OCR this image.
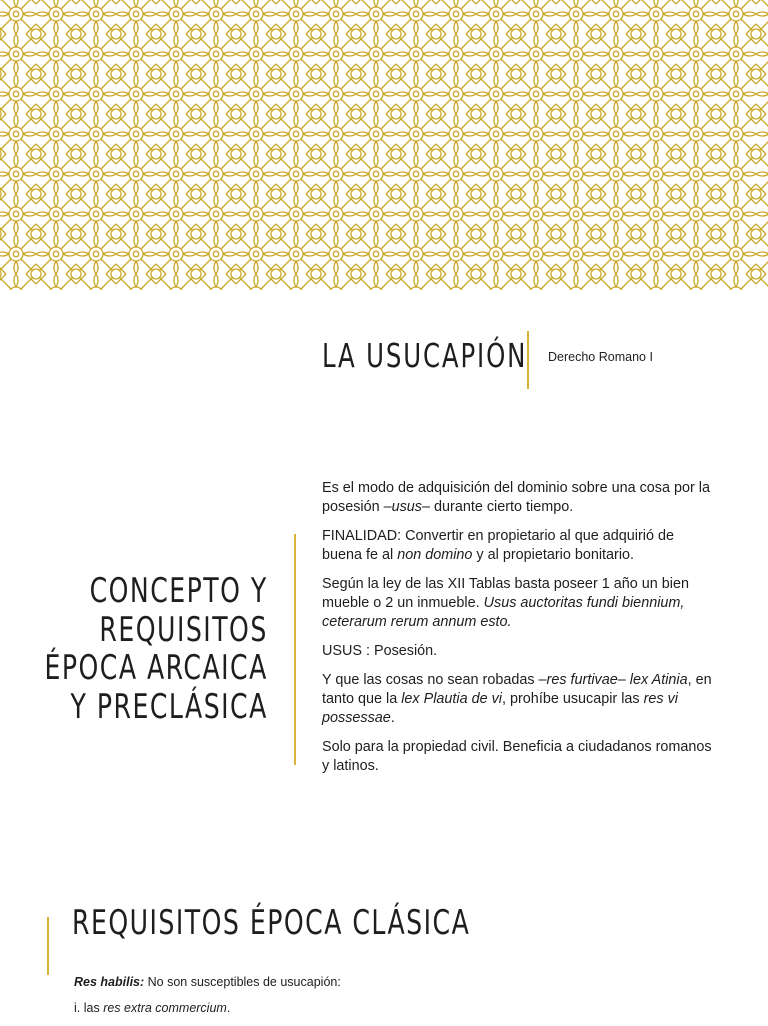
LA USUCAPIÓN Derecho Romano I
CONCEPTO Y
REQUISITOS
ÉPOCA ARCAICA
Y PRECLÁSICA

Es el modo de adquisición del dominio sobre una cosa por la posesión –usus– durante cierto tiempo.

FINALIDAD: Convertir en propietario al que adquirió de buena fe al non domino y al propietario bonitario.

Según la ley de las XII Tablas basta poseer 1 año un bien mueble o 2 un inmueble. Usus auctoritas fundi biennium, ceterarum rerum annum esto.

USUS : Posesión.

Y que las cosas no sean robadas –res furtivae– lex Atinia, en tanto que la lex Plautia de vi, prohíbe usucapir las res vi possessae.

Solo para la propiedad civil. Beneficia a ciudadanos romanos y latinos.

REQUISITOS ÉPOCA CLÁSICA

Res habilis: No son susceptibles de usucapión:

i. las res extra commercium.
